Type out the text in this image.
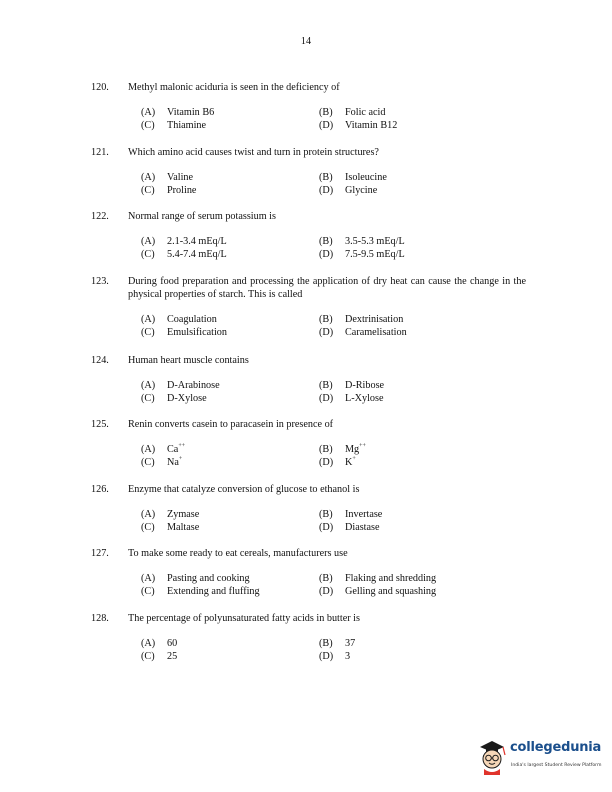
14
120. Methyl malonic aciduria is seen in the deficiency of
(A) Vitamin B6	(B) Folic acid
(C) Thiamine	(D) Vitamin B12
121. Which amino acid causes twist and turn in protein structures?
(A) Valine	(B) Isoleucine
(C) Proline	(D) Glycine
122. Normal range of serum potassium is
(A) 2.1-3.4 mEq/L	(B) 3.5-5.3 mEq/L
(C) 5.4-7.4 mEq/L	(D) 7.5-9.5 mEq/L
123. During food preparation and processing the application of dry heat can cause the change in the physical properties of starch. This is called
(A) Coagulation	(B) Dextrinisation
(C) Emulsification	(D) Caramelisation
124. Human heart muscle contains
(A) D-Arabinose	(B) D-Ribose
(C) D-Xylose	(D) L-Xylose
125. Renin converts casein to paracasein in presence of
(A) Ca++	(B) Mg++
(C) Na+	(D) K+
126. Enzyme that catalyze conversion of glucose to ethanol is
(A) Zymase	(B) Invertase
(C) Maltase	(D) Diastase
127. To make some ready to eat cereals, manufacturers use
(A) Pasting and cooking	(B) Flaking and shredding
(C) Extending and fluffing	(D) Gelling and squashing
128. The percentage of polyunsaturated fatty acids in butter is
(A) 60	(B) 37
(C) 25	(D) 3
collegedunia
India's largest Student Review Platform
